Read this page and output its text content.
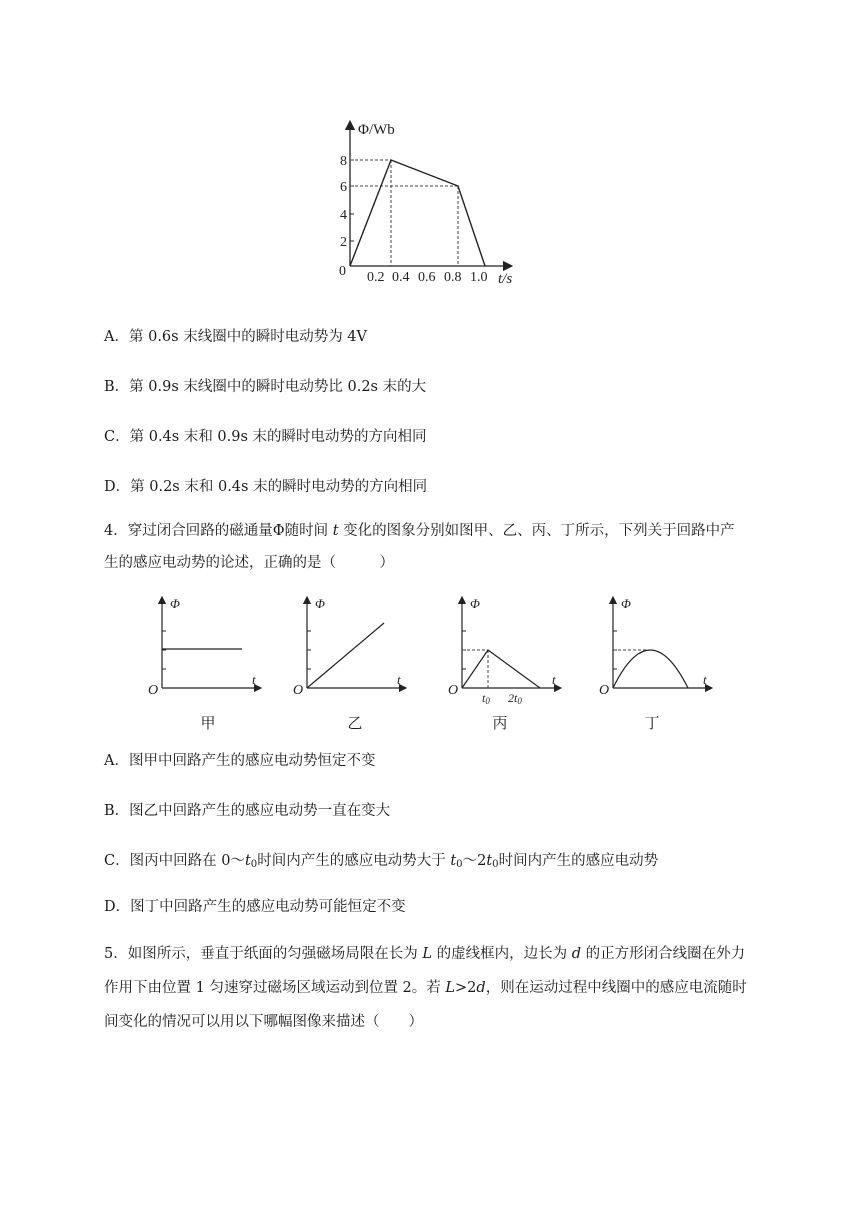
Φ/Wb
0
2
4
6
8
0.2 0.4 0.6 0.8 1.0 t/s
A．第 0.6s 末线圈中的瞬时电动势为 4V
B．第 0.9s 末线圈中的瞬时电动势比 0.2s 末的大
C．第 0.4s 末和 0.9s 末的瞬时电动势的方向相同
D．第 0.2s 末和 0.4s 末的瞬时电动势的方向相同

4．穿过闭合回路的磁通量Φ随时间 t 变化的图象分别如图甲、乙、丙、丁所示，下列关于回路中产

生的感应电动势的论述，正确的是（　　　）

Φ
O
t
Φ
O
t
Φ
O
t
t0 2t0
Φ
O
t
甲	乙	丙	丁
A．图甲中回路产生的感应电动势恒定不变
B．图乙中回路产生的感应电动势一直在变大
C．图丙中回路在 0～t0时间内产生的感应电动势大于 t0～2t0时间内产生的感应电动势
D．图丁中回路产生的感应电动势可能恒定不变

5．如图所示，垂直于纸面的匀强磁场局限在长为 L 的虚线框内，边长为 d 的正方形闭合线圈在外力

作用下由位置 1 匀速穿过磁场区域运动到位置 2。若 L>2d，则在运动过程中线圈中的感应电流随时

间变化的情况可以用以下哪幅图像来描述（　　）
